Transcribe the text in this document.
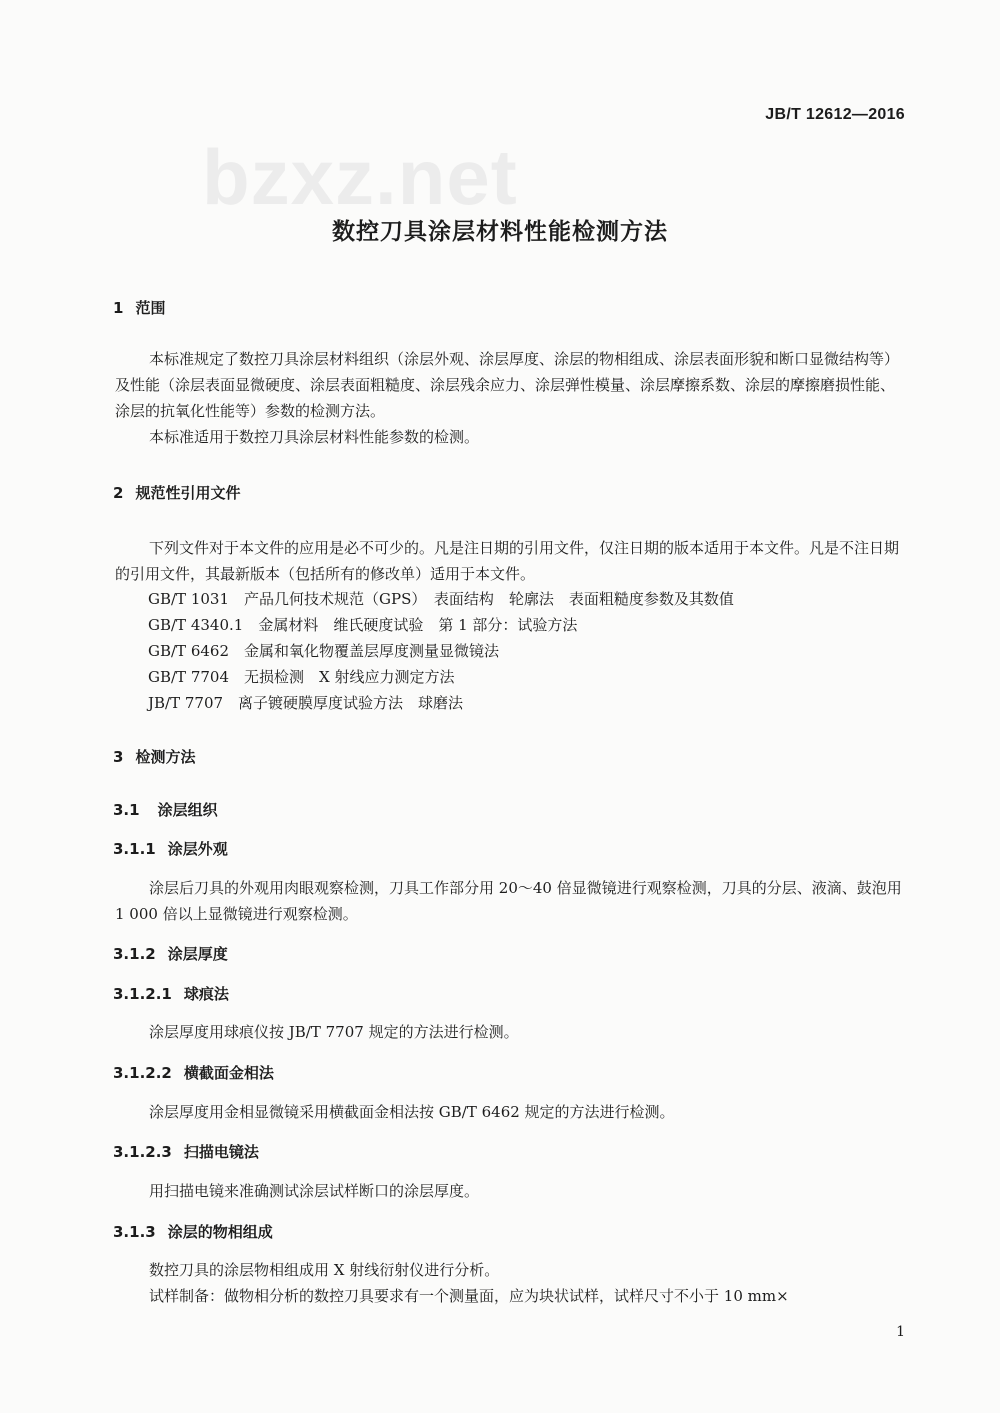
JB/T 12612—2016
bzxz.net
数控刀具涂层材料性能检测方法
1 范围

本标准规定了数控刀具涂层材料组织（涂层外观、涂层厚度、涂层的物相组成、涂层表面形貌和断口显微结构等）及性能（涂层表面显微硬度、涂层表面粗糙度、涂层残余应力、涂层弹性模量、涂层摩擦系数、涂层的摩擦磨损性能、涂层的抗氧化性能等）参数的检测方法。

本标准适用于数控刀具涂层材料性能参数的检测。

2 规范性引用文件

下列文件对于本文件的应用是必不可少的。凡是注日期的引用文件，仅注日期的版本适用于本文件。凡是不注日期的引用文件，其最新版本（包括所有的修改单）适用于本文件。

GB/T 1031　产品几何技术规范（GPS）　表面结构　轮廓法　表面粗糙度参数及其数值
GB/T 4340.1　金属材料　维氏硬度试验　第 1 部分：试验方法
GB/T 6462　金属和氧化物覆盖层厚度测量显微镜法
GB/T 7704　无损检测　X 射线应力测定方法
JB/T 7707　离子镀硬膜厚度试验方法　球磨法
3 检测方法
3.1 涂层组织
3.1.1 涂层外观

涂层后刀具的外观用肉眼观察检测，刀具工作部分用 20～40 倍显微镜进行观察检测，刀具的分层、液滴、鼓泡用 1 000 倍以上显微镜进行观察检测。

3.1.2 涂层厚度
3.1.2.1 球痕法

涂层厚度用球痕仪按 JB/T 7707 规定的方法进行检测。

3.1.2.2 横截面金相法

涂层厚度用金相显微镜采用横截面金相法按 GB/T 6462 规定的方法进行检测。

3.1.2.3 扫描电镜法

用扫描电镜来准确测试涂层试样断口的涂层厚度。

3.1.3 涂层的物相组成

数控刀具的涂层物相组成用 X 射线衍射仪进行分析。

试样制备：做物相分析的数控刀具要求有一个测量面，应为块状试样，试样尺寸不小于 10 mm×

1
